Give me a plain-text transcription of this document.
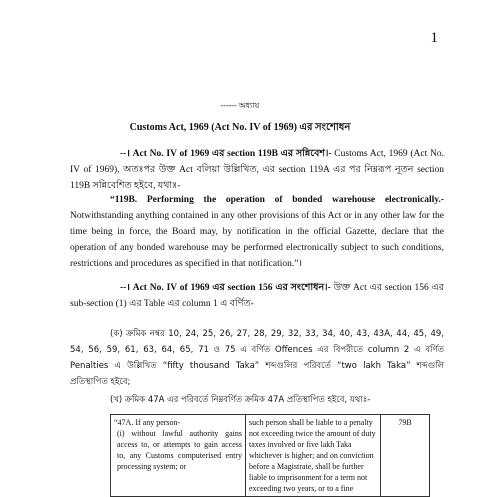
1
------ অধ্যায়
Customs Act, 1969 (Act No. IV of 1969) এর সংশোধন
--। Act No. IV of 1969 এর section 119B এর সন্নিবেশ।- Customs Act, 1969 (Act No. IV of 1969), অতঃপর উক্ত Act বলিয়া উল্লিখিত, এর section 119A এর পর নিম্নরূপ নূতন section 119B সন্নিবেশিত হইবে, যথাঃ-
“119B. Performing the operation of bonded warehouse electronically.- Notwithstanding anything contained in any other provisions of this Act or in any other law for the time being in force, the Board may, by notification in the official Gazette, declare that the operation of any bonded warehouse may be performed electronically subject to such conditions, restrictions and procedures as specified in that notification.”।
--। Act No. IV of 1969 এর section 156 এর সংশোধন।- উক্ত Act এর section 156 এর sub-section (1) এর Table এর column 1 এ বর্ণিত-
(ক) ক্রমিক নম্বর 10, 24, 25, 26, 27, 28, 29, 32, 33, 34, 40, 43, 43A, 44, 45, 49, 54, 56, 59, 61, 63, 64, 65, 71 ও 75 এ বর্ণিত Offences এর বিপরীতে column 2 এ বর্ণিত Penalties এ উল্লিখিত “fifty thousand Taka” শব্দগুলির পরিবর্তে “two lakh Taka” শব্দগুলি প্রতিস্থাপিত হইবে;
(খ) ক্রমিক 47A এর পরিবর্তে নিম্নবর্ণিত ক্রমিক 47A প্রতিস্থাপিত হইবে, যথাঃ-
“47A. If any person-
(i) without lawful authority gains access to, or attempts to gain access to, any Customs computerised entry processing system; or
	such person shall be liable to a penalty not exceeding twice the amount of duty taxes involved or five lakh Taka whichever is higher; and on conviction before a Magistrate, shall be further liable to imprisonment for a term not exceeding two years, or to a fine	79B
